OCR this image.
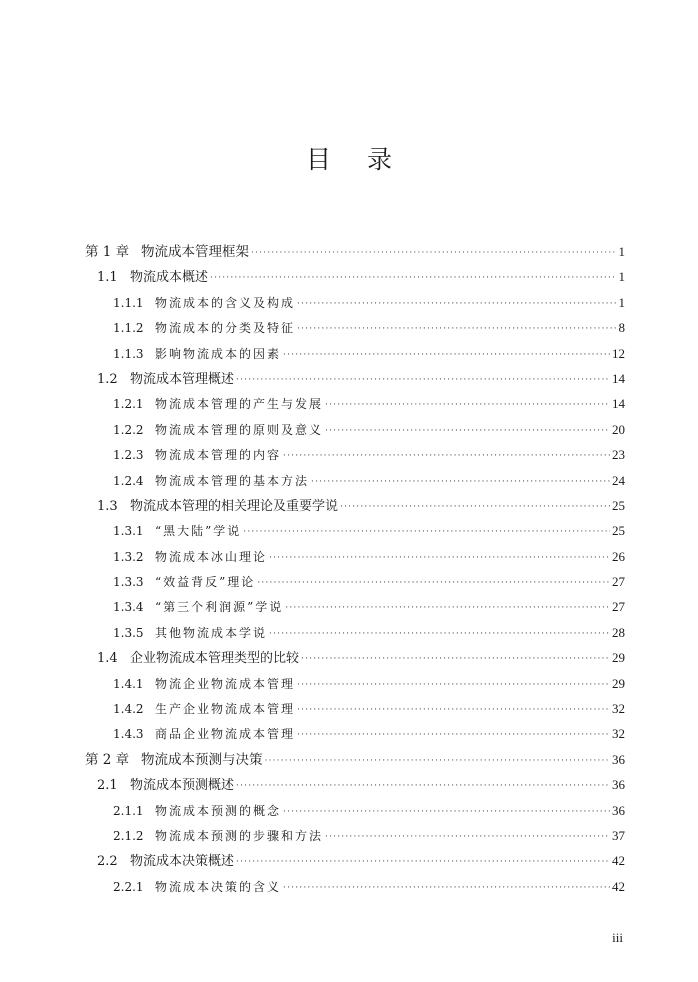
目录
第 1 章 物流成本管理框架 ·····	1
1.1 物流成本概述 ·····	1
1.1.1 物流成本的含义及构成 ·····	1
1.1.2 物流成本的分类及特征 ·····	8
1.1.3 影响物流成本的因素 ·····	12
1.2 物流成本管理概述 ·····	14
1.2.1 物流成本管理的产生与发展 ·····	14
1.2.2 物流成本管理的原则及意义 ·····	20
1.2.3 物流成本管理的内容 ·····	23
1.2.4 物流成本管理的基本方法 ·····	24
1.3 物流成本管理的相关理论及重要学说 ·····	25
1.3.1 “黑大陆”学说 ·····	25
1.3.2 物流成本冰山理论 ·····	26
1.3.3 “效益背反”理论 ·····	27
1.3.4 “第三个利润源”学说 ·····	27
1.3.5 其他物流成本学说 ·····	28
1.4 企业物流成本管理类型的比较 ·····	29
1.4.1 物流企业物流成本管理 ·····	29
1.4.2 生产企业物流成本管理 ·····	32
1.4.3 商品企业物流成本管理 ·····	32
第 2 章 物流成本预测与决策 ·····	36
2.1 物流成本预测概述 ·····	36
2.1.1 物流成本预测的概念 ·····	36
2.1.2 物流成本预测的步骤和方法 ·····	37
2.2 物流成本决策概述 ·····	42
2.2.1 物流成本决策的含义 ·····	42
iii
